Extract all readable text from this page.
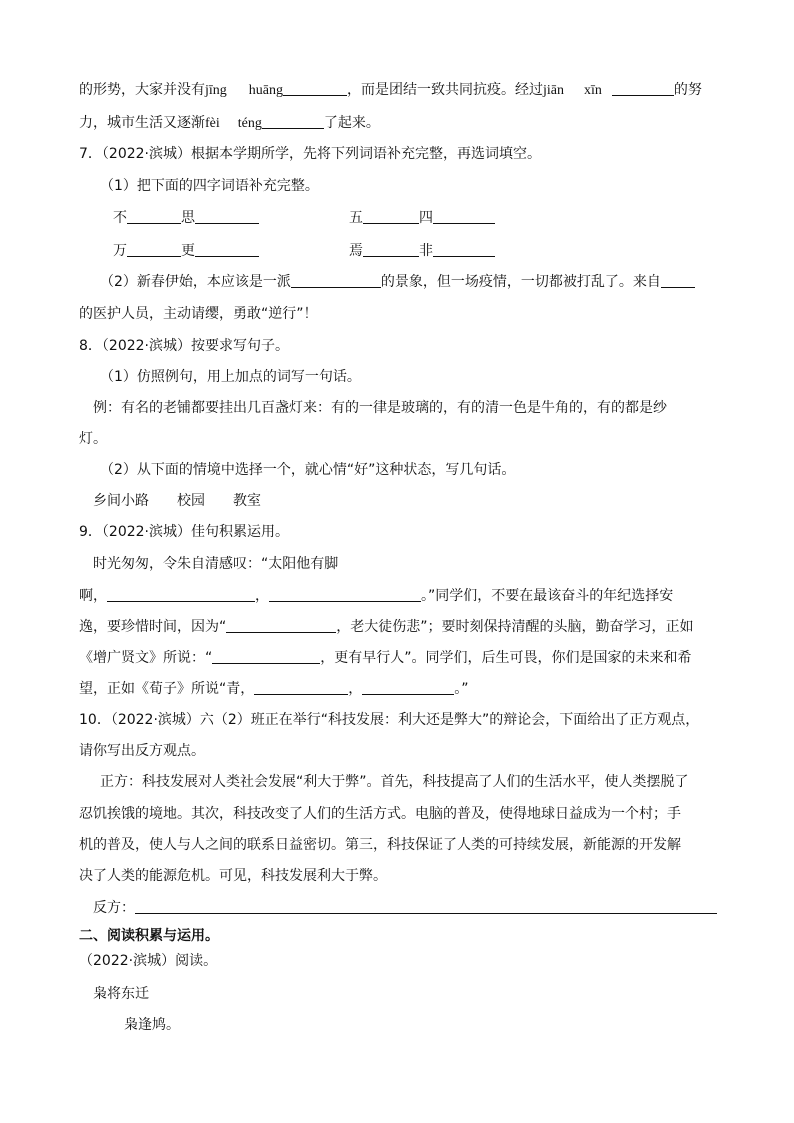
的形势，大家并没有jīng huāng	，而是团结一致共同抗疫。经过jiān xīn	的努
力，城市生活又逐渐fèi téng	了起来。
7．（2022·滨城）根据本学期所学，先将下列词语补充完整，再选词填空。
（1）把下面的四字词语补充完整。
不	思	五	四
万	更	焉	非
（2）新春伊始，本应该是一派	的景象，但一场疫情，一切都被打乱了。来自
的医护人员，主动请缨，勇敢“逆行”！
8．（2022·滨城）按要求写句子。
（1）仿照例句，用上加点的词写一句话。
例：有名的老铺都要挂出几百盏灯来：有的一律是玻璃的，有的清一色是牛角的，有的都是纱
灯。
（2）从下面的情境中选择一个，就心情“好”这种状态，写几句话。
乡间小路 校园 教室
9．（2022·滨城）佳句积累运用。
时光匆匆，令朱自清感叹：“太阳他有脚
啊，	，	。”同学们，不要在最该奋斗的年纪选择安
逸，要珍惜时间，因为“	，老大徒伤悲”；要时刻保持清醒的头脑，勤奋学习，正如
《增广贤文》所说：“	，更有早行人”。同学们，后生可畏，你们是国家的未来和希
望，正如《荀子》所说“青，	，	。”
10．（2022·滨城）六（2）班正在举行“科技发展：利大还是弊大”的辩论会，下面给出了正方观点，
请你写出反方观点。
正方：科技发展对人类社会发展“利大于弊”。首先，科技提高了人们的生活水平，使人类摆脱了
忍饥挨饿的境地。其次，科技改变了人们的生活方式。电脑的普及，使得地球日益成为一个村；手
机的普及，使人与人之间的联系日益密切。第三，科技保证了人类的可持续发展，新能源的开发解
决了人类的能源危机。可见，科技发展利大于弊。
反方：
二、阅读积累与运用。
（2022·滨城）阅读。
枭将东迁
枭逢鸠。
